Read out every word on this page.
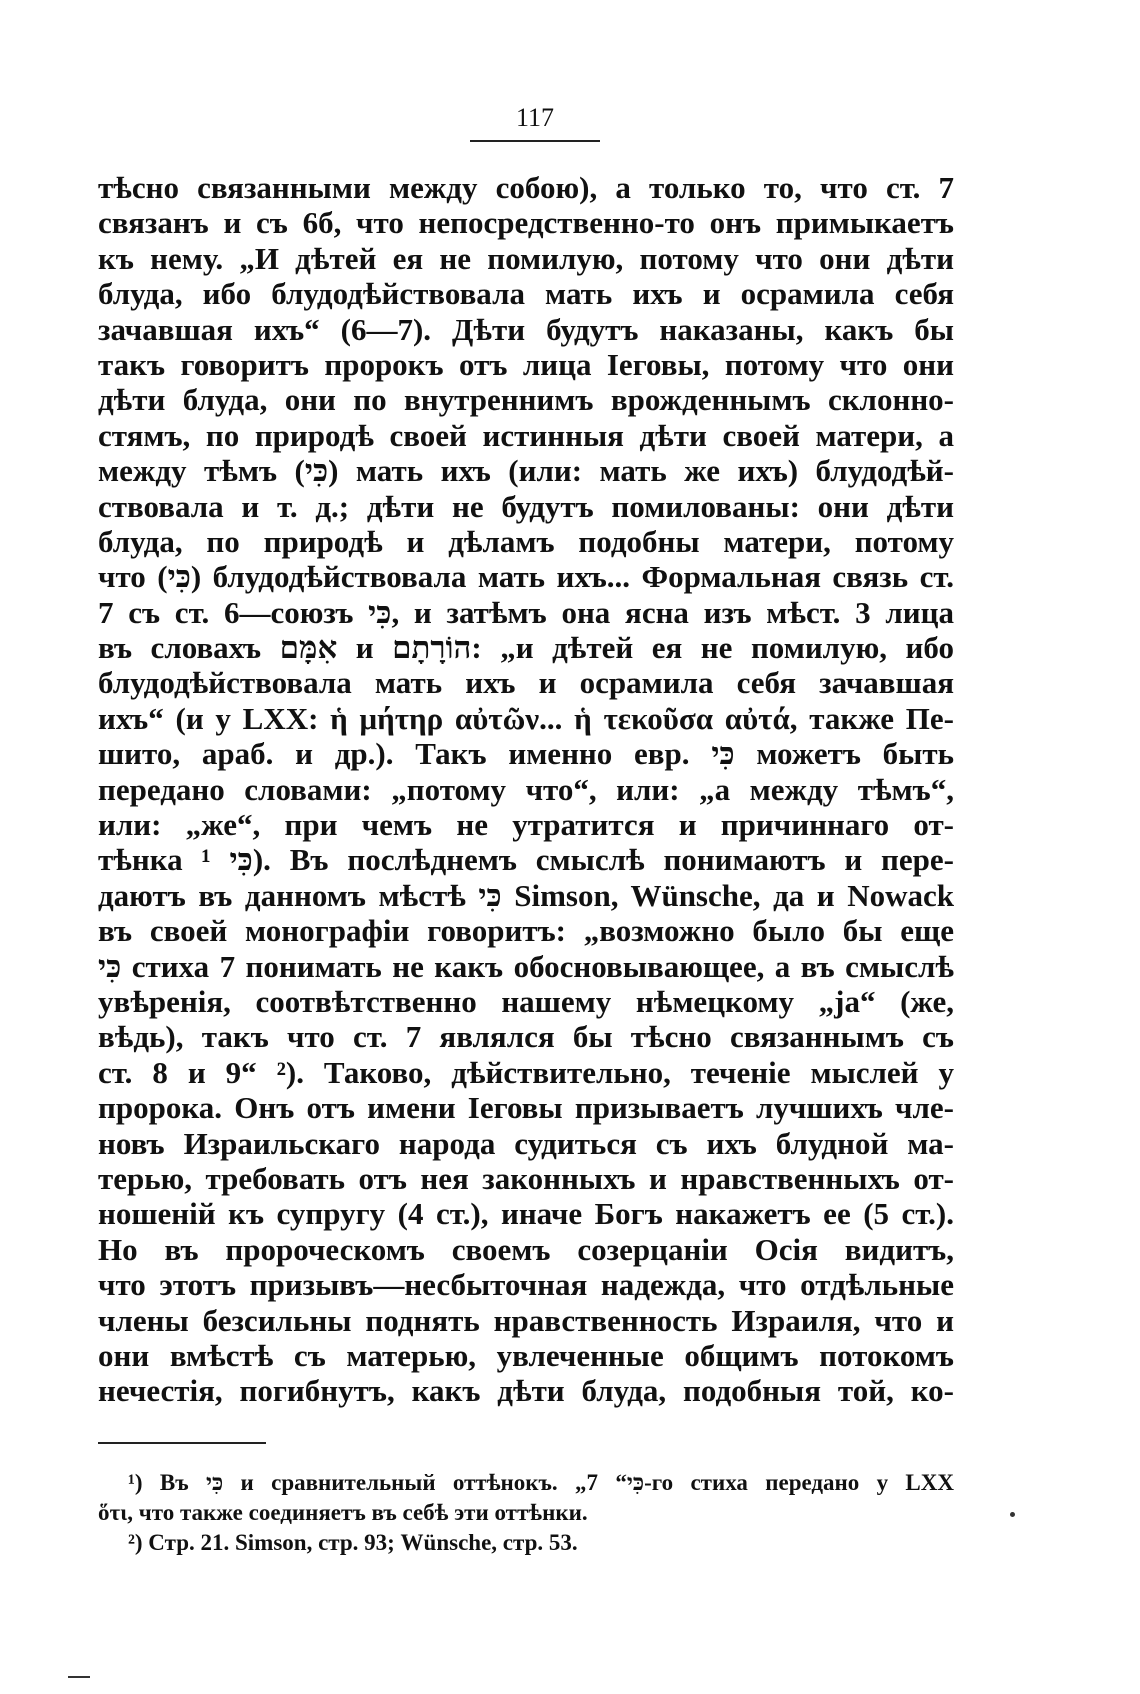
117
тѣсно связанными между собою), а только то, что ст. 7
связанъ и съ 6б, что непосредственно-то онъ примыкаетъ
къ нему. „И дѣтей ея не помилую, потому что они дѣти
блуда, ибо блудодѣйствовала мать ихъ и осрамила себя
зачавшая ихъ“ (6—7). Дѣти будутъ наказаны, какъ бы
такъ говоритъ пророкъ отъ лица Іеговы, потому что они
дѣти блуда, они по внутреннимъ врожденнымъ склонно-
стямъ, по природѣ своей истинныя дѣти своей матери, а
между тѣмъ (כִּי) мать ихъ (или: мать же ихъ) блудодѣй-
ствовала и т. д.; дѣти не будутъ помилованы: они дѣти
блуда, по природѣ и дѣламъ подобны матери, потому
что (כִּי) блудодѣйствовала мать ихъ... Формальная связь ст.
7 съ ст. 6—союзъ כִּי, и затѣмъ она ясна изъ мѣст. 3 лица
въ словахъ אִמָּם и הוֹרָתָם: „и дѣтей ея не помилую, ибо
блудодѣйствовала мать ихъ и осрамила себя зачавшая
ихъ“ (и у LXX: ἡ μήτηρ αὐτῶν... ἡ τεκοῦσα αὐτά, также Пе-
шито, араб. и др.). Такъ именно евр. כִּי можетъ быть
передано словами: „потому что“, или: „а между тѣмъ“,
или: „же“, при чемъ не утратится и причиннаго от-
тѣнка כִּי ¹). Въ послѣднемъ смыслѣ понимаютъ и пере-
даютъ въ данномъ мѣстѣ כִּי Simson, Wünsche, да и Nowack
въ своей монографіи говоритъ: „возможно было бы еще
כִּי стиха 7 понимать не какъ обосновывающее, а въ смыслѣ
увѣренія, соотвѣтственно нашему нѣмецкому „ja“ (же,
вѣдь), такъ что ст. 7 являлся бы тѣсно связаннымъ съ
ст. 8 и 9“ ²). Таково, дѣйствительно, теченіе мыслей у
пророка. Онъ отъ имени Іеговы призываетъ лучшихъ чле-
новъ Израильскаго народа судиться съ ихъ блудной ма-
терью, требовать отъ нея законныхъ и нравственныхъ от-
ношеній къ супругу (4 ст.), иначе Богъ накажетъ ее (5 ст.).
Но въ пророческомъ своемъ созерцаніи Осія видитъ,
что этотъ призывъ—несбыточная надежда, что отдѣльные
члены безсильны поднять нравственность Израиля, что и
они вмѣстѣ съ матерью, увлеченные общимъ потокомъ
нечестія, погибнутъ, какъ дѣти блуда, подобныя той, ко-
¹) Въ כִּי и сравнительный оттѣнокъ. „כִּי“ 7-го стиха передано у LXX
ὅτι, что также соединяетъ въ себѣ эти оттѣнки.
²) Стр. 21. Simson, стр. 93; Wünsche, стр. 53.
